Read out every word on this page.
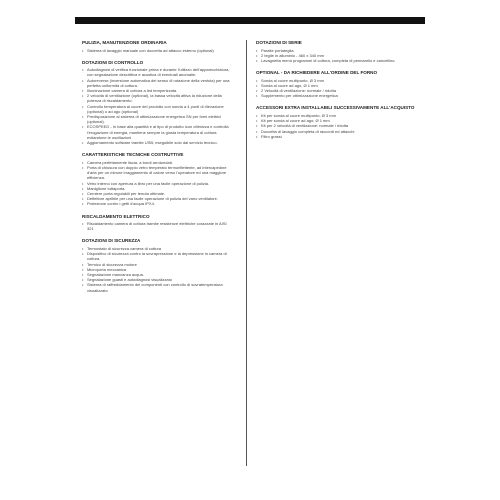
PULIZIA, MANUTENZIONE ORDINARIA
• Sistema di lavaggio manuale con doccetta ad attacco esterno (optional)
DOTAZIONI DI CONTROLLO
• Autodiagnosi di verifica funzionale prima e durante l'utilizzo dell'apparecchiatura, con segnalazione descrittiva e acustica di eventuali anomalie.
• Autoreverse (inversione automatica del senso di rotazione della ventola) per una perfetta uniformità di cottura.
• Illuminazione camera di cottura a led temperizzata.
• 2 velocità di ventilazione (optional), la bassa velocità attiva la riduzione della potenza di riscaldamento.
• Controllo temperatura al cuore del prodotto con sonda a 4 punti di rilevazione (optional) o ad ago (optional)
• Predisposizione al sistema di ottimizzazione energetica SN per forni elettrici (optional).
• ECOSPEED - In base alla quantità e al tipo di prodotto icon ottimizza e controlla l'erogazione di energia, mantiene sempre la giusta temperatura di cottura evitandone le oscillazioni
• Aggiornamento software tramite USB; eseguibile solo dal servizio tecnico.
CARATTERISTICHE TECNICHE COSTRUTTIVE
• Camera perfettamente liscia, a bordi arrotondati.
• Porta di chiusura con doppio vetro temperato termoriflettente, ad intercapedine d'aria per un minore irraggiamento di calore verso l'operatore ed una maggiore efficienza.
• Vetro interno con apertura a libro per una facile operazione di pulizia.
• Maniglione tuttaporta.
• Cerniere porta regolabili per tenuta ottimale.
• Deflettore apribile per una facile operazione di pulizia del vano ventilatore.
• Protezione contro i getti d'acqua IPX4.
RISCALDAMENTO ELETTRICO
• Riscaldamento camera di cottura tramite resistenze elettriche corazzate in AISI 321
DOTAZIONI DI SICUREZZA
• Termostato di sicurezza camera di cottura
• Dispositivo di sicurezza contro la sovrapressione e la depressione in camera di cottura.
• Termico di sicurezza motore
• Microporta meccanica
• Segnalazione mancanza acqua.
• Segnalazione guasti e autodiagnosi visualizzato
• Sistema di raffreddamento dei componenti con controllo di sovratemperatura visualizzato
DOTAZIONI DI SERIE
• Paratie portateglia.
• 2 teglie in alluminio - 460 x 340 mm
• Lavagnetta menù programmi di cottura, completa di pennarello e cancellino.
OPTIONAL - DA RICHIEDERE ALL'ORDINE DEL FORNO
• Sonda al cuore multipunto, Ø 3 mm
• Sonda al cuore ad ago, Ø 1 mm
• 2 Velocità di ventilazione: normale / ridotta
• Supplemento per ottimizzazione energetica
ACCESSORI EXTRA INSTALLABILI SUCCESSIVAMENTE ALL'ACQUISTO
• Kit per sonda al cuore multipunto; Ø 3 mm
• Kit per sonda al cuore ad ago; Ø 1 mm
• Kit per 2 velocità di ventilazione: normale / ridotta
• Doccetta di lavaggio completa di raccordi ed attacchi
• Filtro grassi
